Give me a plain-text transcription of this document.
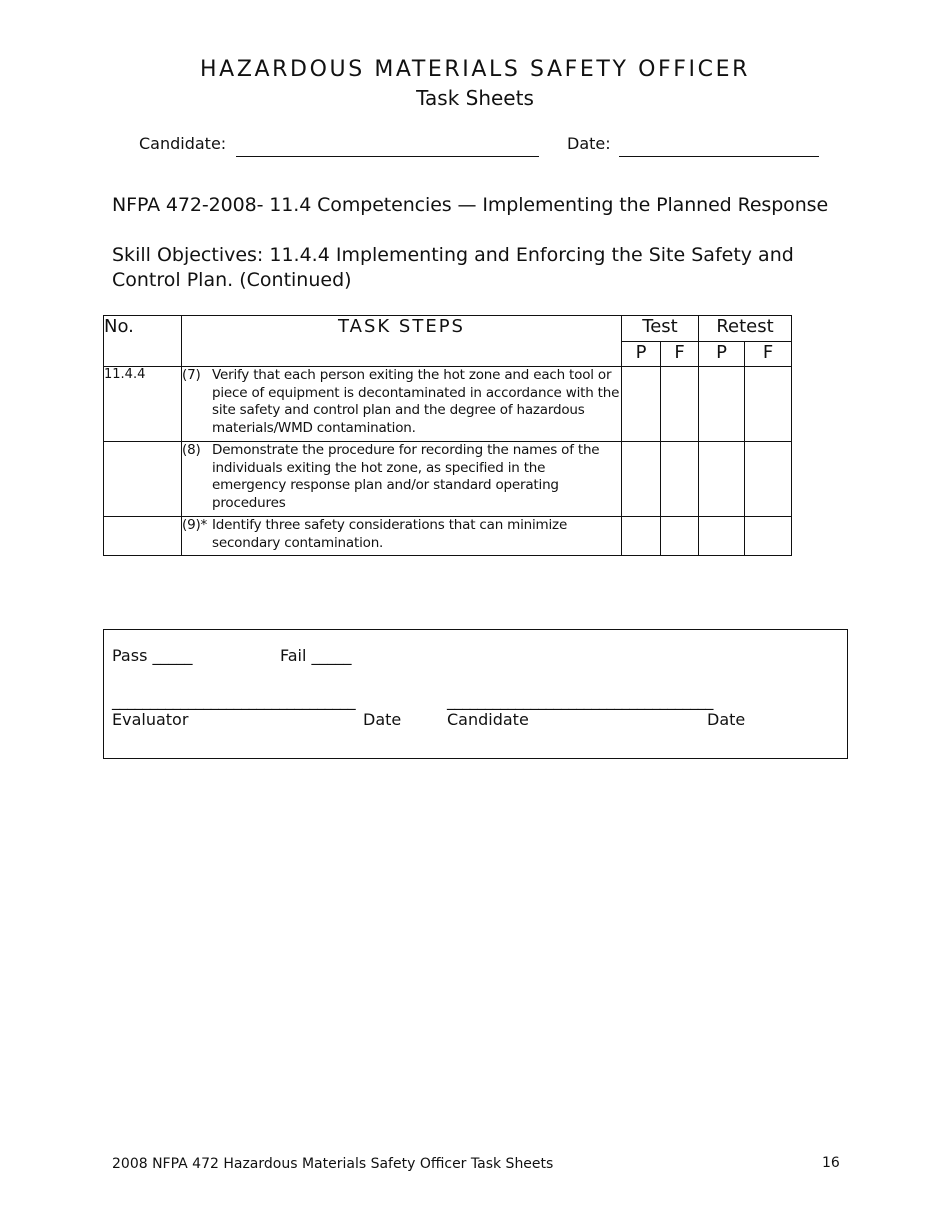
HAZARDOUS MATERIALS SAFETY OFFICER
Task Sheets
Candidate:	Date:
NFPA 472-2008- 11.4 Competencies — Implementing the Planned Response
Skill Objectives: 11.4.4 Implementing and Enforcing the Site Safety and Control Plan. (Continued)
No.	TASK STEPS	Test		Retest	
		P	F	P	F
11.4.4	(7) Verify that each person exiting the hot zone and each tool or
piece of equipment is decontaminated in accordance with the site safety and control plan and the degree of hazardous materials/WMD contamination.				

	(8) Demonstrate the procedure for recording the names of the
individuals exiting the hot zone, as specified in the emergency response plan and/or standard operating procedures				

	(9)* Identify three safety considerations that can minimize
secondary contamination.				

Pass _____	Fail _____
________________________________	___________________________________
Evaluator	Date	Candidate	Date
2008 NFPA 472 Hazardous Materials Safety Officer Task Sheets	16
